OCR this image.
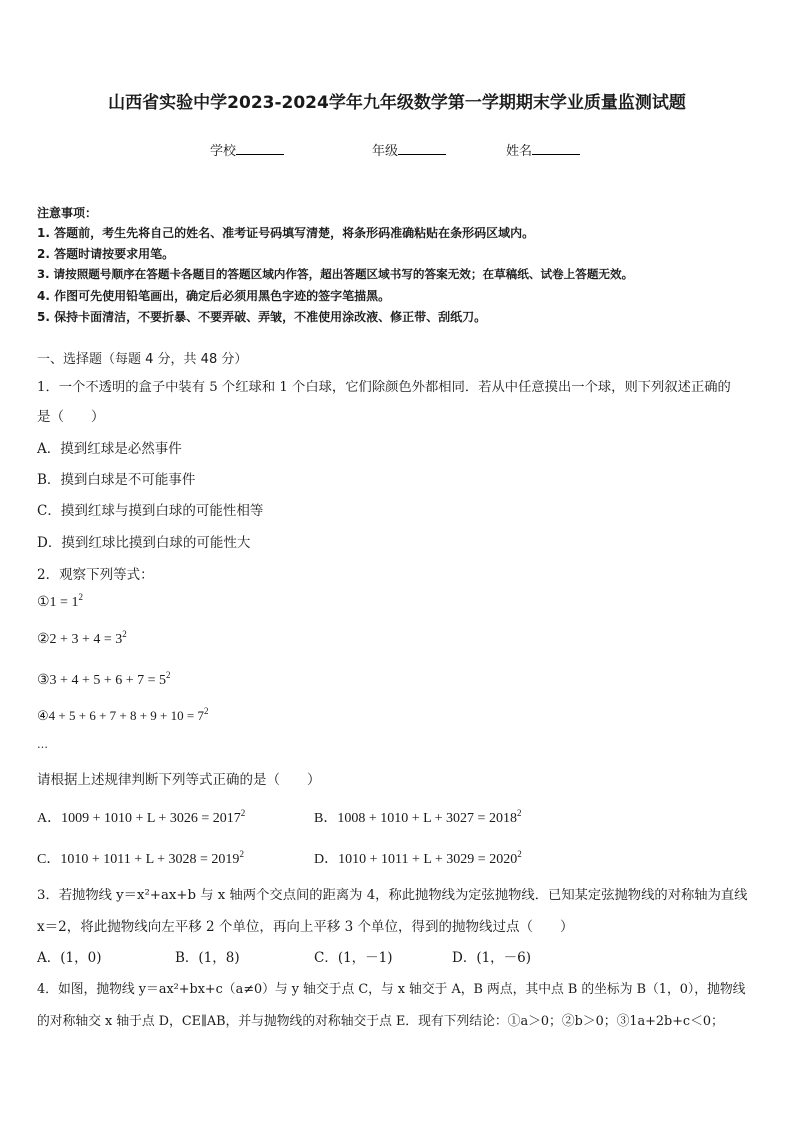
山西省实验中学2023-2024学年九年级数学第一学期期末学业质量监测试题
学校	年级	姓名
注意事项：
1. 答题前，考生先将自己的姓名、准考证号码填写清楚，将条形码准确粘贴在条形码区域内。
2. 答题时请按要求用笔。
3. 请按照题号顺序在答题卡各题目的答题区域内作答，超出答题区域书写的答案无效；在草稿纸、试卷上答题无效。
4. 作图可先使用铅笔画出，确定后必须用黑色字迹的签字笔描黑。
5. 保持卡面清洁，不要折暴、不要弄破、弄皱，不准使用涂改液、修正带、刮纸刀。
一、选择题（每题 4 分，共 48 分）
1．一个不透明的盒子中装有 5 个红球和 1 个白球，它们除颜色外都相同．若从中任意摸出一个球，则下列叙述正确的
是（　　）
A．摸到红球是必然事件
B．摸到白球是不可能事件
C．摸到红球与摸到白球的可能性相等
D．摸到红球比摸到白球的可能性大
2．观察下列等式：
①1 = $1^2$
②2 + $3 + 4 = 3^2$
③3 + $4 + 5 + 6 + 7 = 5^2$
④4 + $5 + 6 + 7 + 8 + 9 + 10 = 7^2$
…
请根据上述规律判断下列等式正确的是（　　）
A．$1009 + 1010 + L + 3026 = 2017^2$	B．$1008 + 1010 + L + 3027 = 2018^2$
C．$1010 + 1011 + L + 3028 = 2019^2$	D．$1010 + 1011 + L + 3029 = 2020^2$
3．若抛物线 y＝x²+ax+b 与 x 轴两个交点间的距离为 4，称此抛物线为定弦抛物线．已知某定弦抛物线的对称轴为直线
x＝2，将此抛物线向左平移 2 个单位，再向上平移 3 个单位，得到的抛物线过点（　　）
A．(1，0)	B．(1，8)	C．(1，－1)	D．(1，－6)
4．如图，抛物线 y＝ax²+bx+c（a≠0）与 y 轴交于点 C，与 x 轴交于 A，B 两点，其中点 B 的坐标为 B（1，0），抛物线
的对称轴交 x 轴于点 D，CE∥AB，并与抛物线的对称轴交于点 E．现有下列结论：①a＞0；②b＞0；③1a+2b+c＜0；
